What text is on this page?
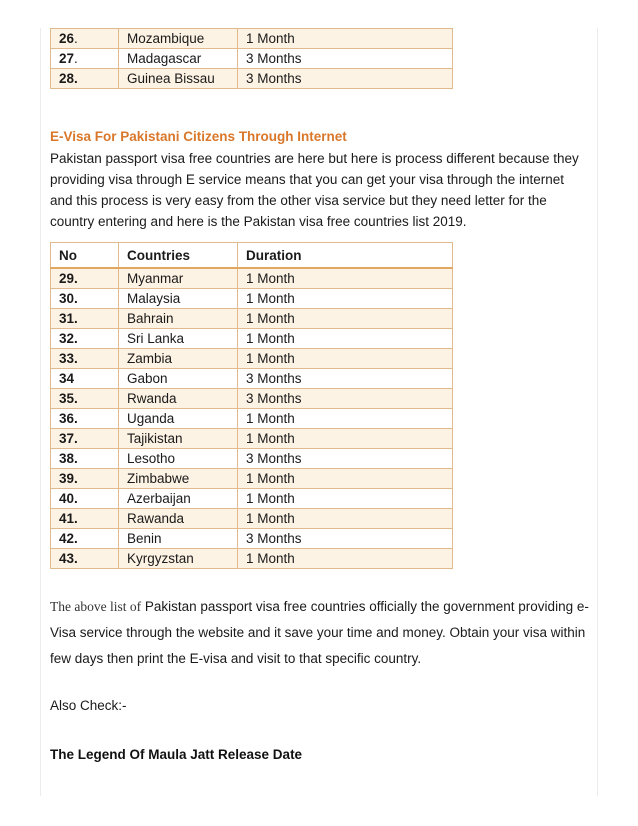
26.	Mozambique	1 Month
27.	Madagascar	3 Months
28.	Guinea Bissau	3 Months
E-Visa For Pakistani Citizens Through Internet
Pakistan passport visa free countries are here but here is process different because they providing visa through E service means that you can get your visa through the internet and this process is very easy from the other visa service but they need letter for the country entering and here is the Pakistan visa free countries list 2019.
No	Countries	Duration
29.	Myanmar	1 Month
30.	Malaysia	1 Month
31.	Bahrain	1 Month
32.	Sri Lanka	1 Month
33.	Zambia	1 Month
34	Gabon	3 Months
35.	Rwanda	3 Months
36.	Uganda	1 Month
37.	Tajikistan	1 Month
38.	Lesotho	3 Months
39.	Zimbabwe	1 Month
40.	Azerbaijan	1 Month
41.	Rawanda	1 Month
42.	Benin	3 Months
43.	Kyrgyzstan	1 Month
The above list of Pakistan passport visa free countries officially the government providing e-Visa service through the website and it save your time and money. Obtain your visa within few days then print the E-visa and visit to that specific country.
Also Check:-
The Legend Of Maula Jatt Release Date
